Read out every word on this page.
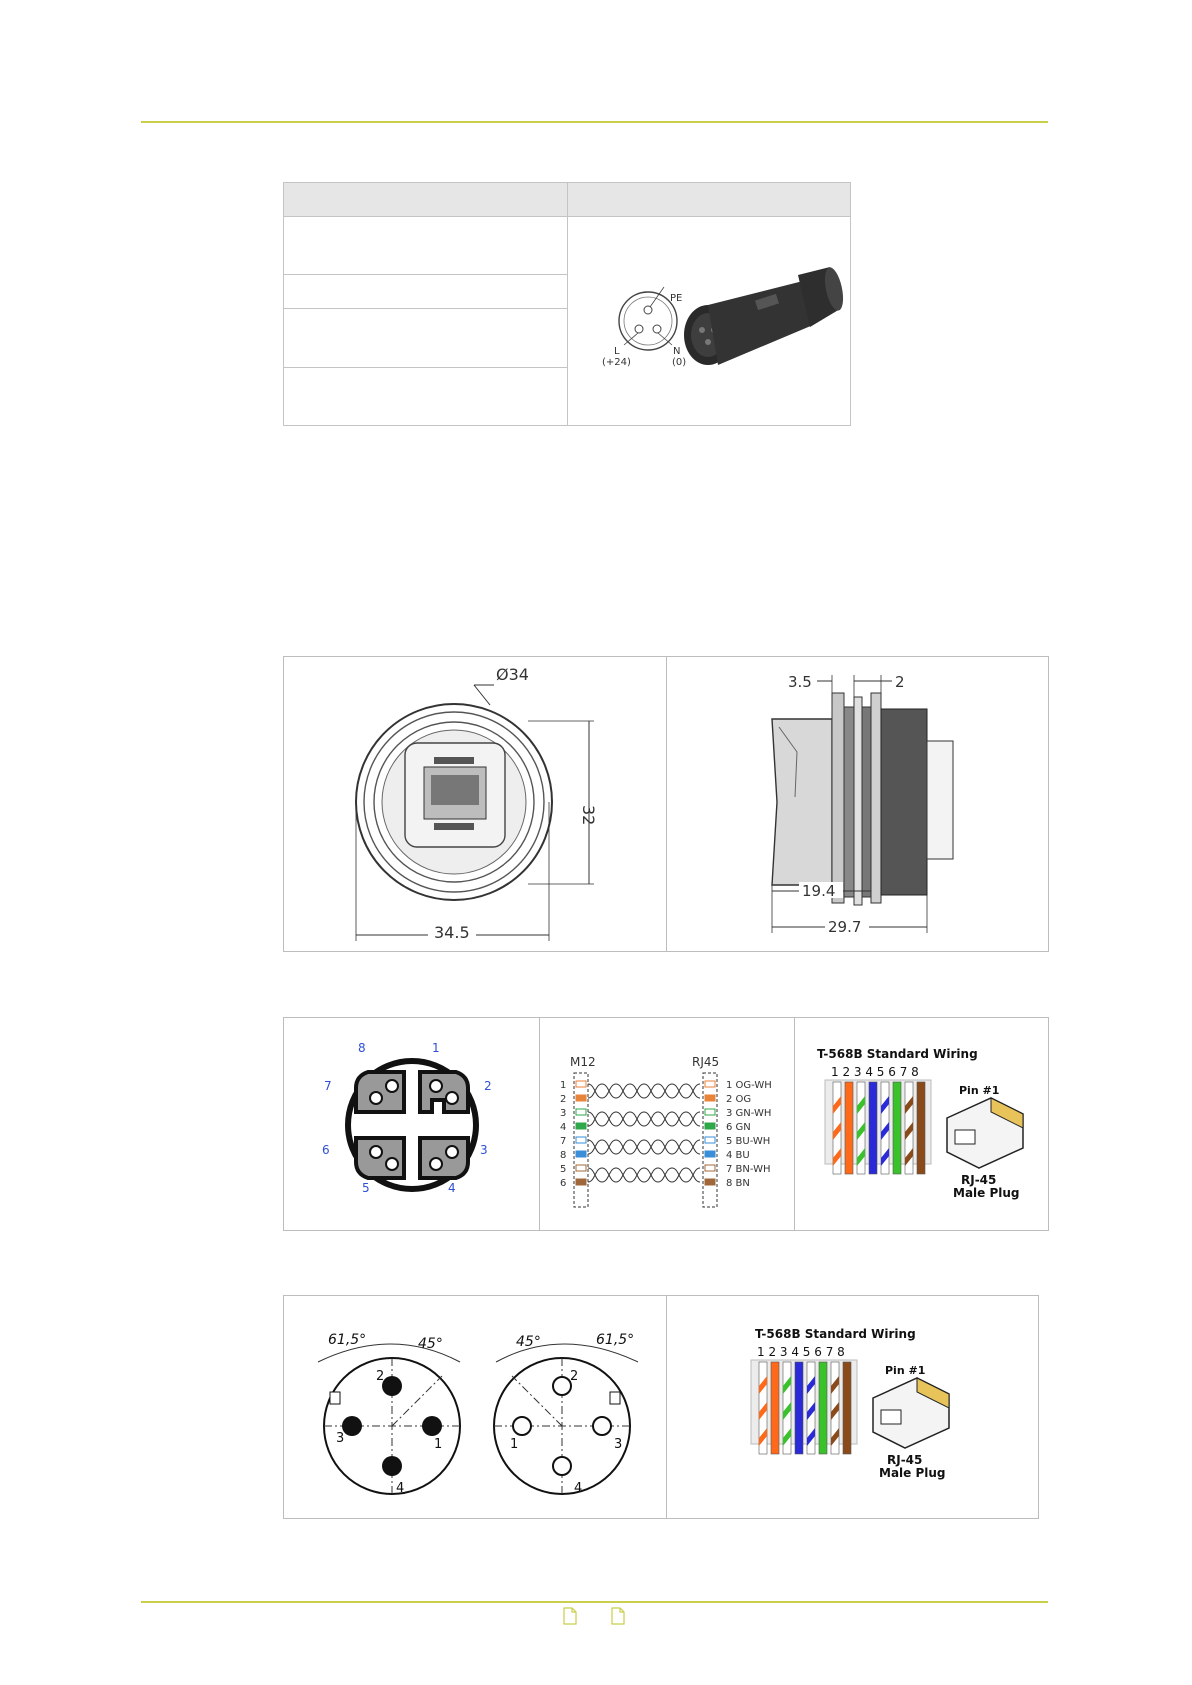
PE
L
(+24)
N
(0)

Ø34
32
34.5
3.5	2
19.4
29.7
1
2
3
4
5
6
7
8
M12	RJ45
1	1 OG-WH
2	2 OG
3	3 GN-WH
4	6 GN
7	5 BU-WH
8	4 BU
5	7 BN-WH
6	8 BN
T-568B Standard Wiring
1 2 3 4 5 6 7 8
Pin #1
RJ-45
Male Plug
61,5°	45°
1
2
3
4
45°	61,5°
1
2
3
4
T-568B Standard Wiring
1 2 3 4 5 6 7 8
Pin #1
RJ-45
Male Plug
